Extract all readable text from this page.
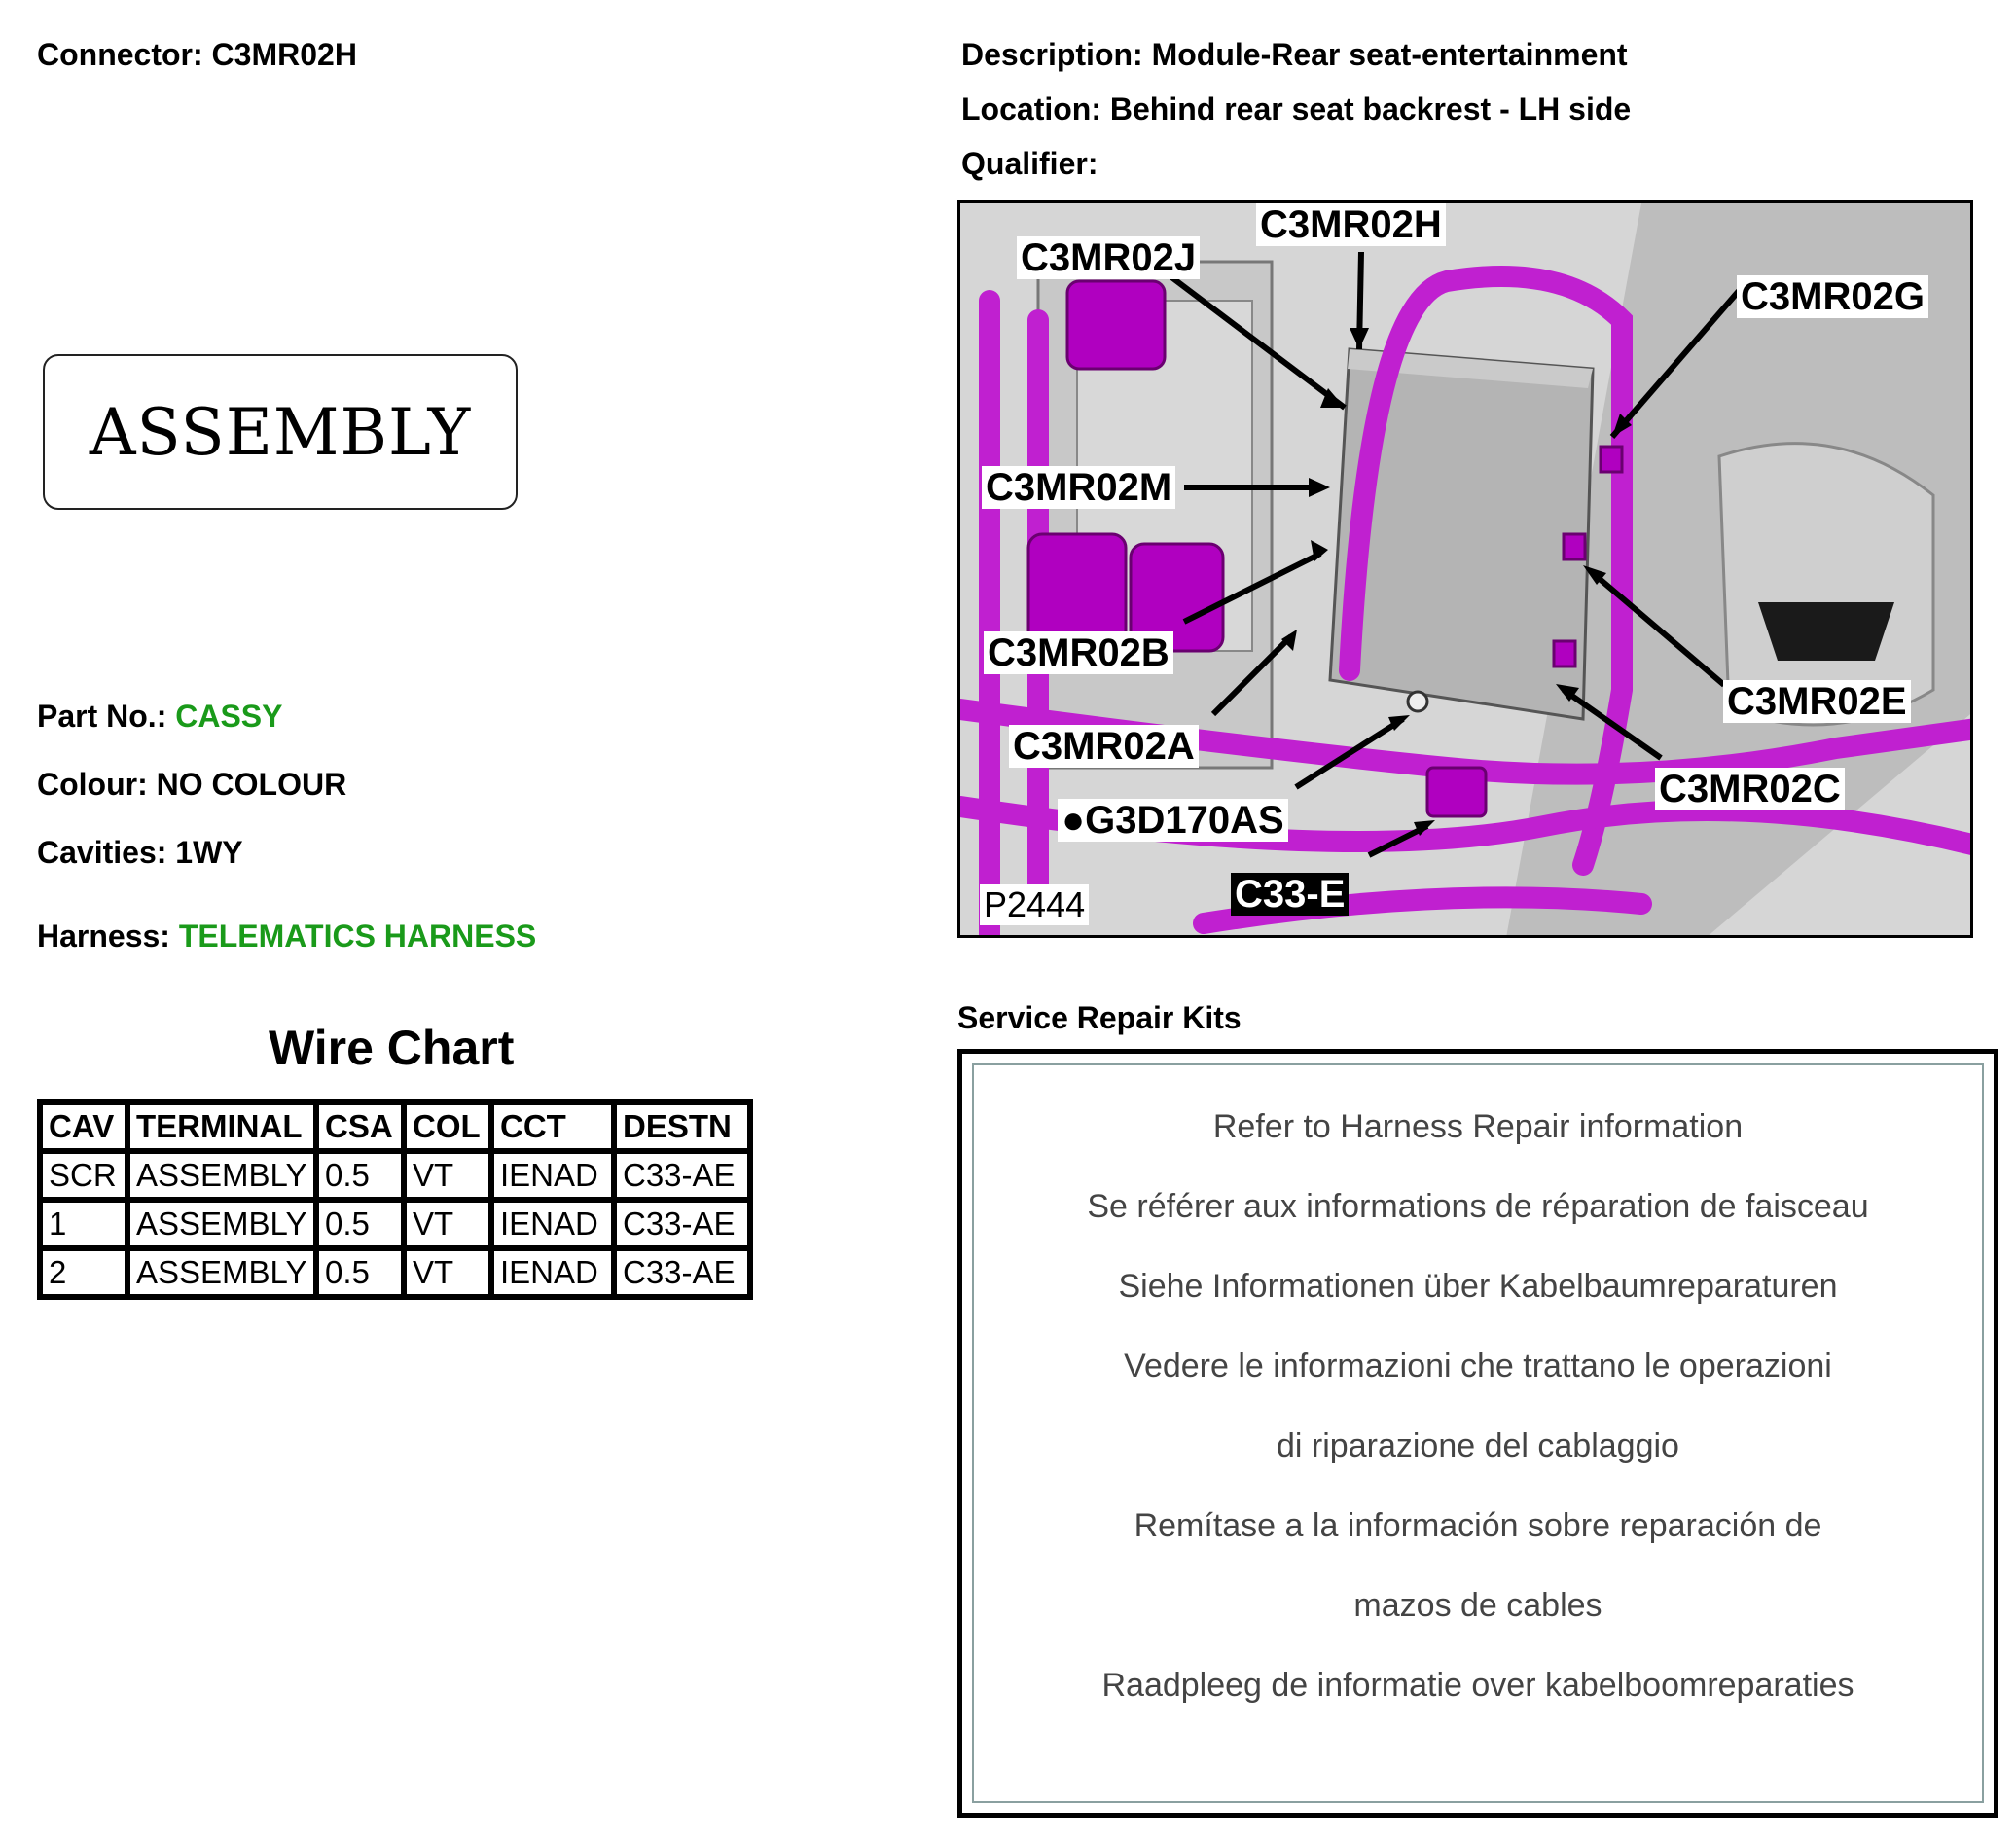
Connector: C3MR02H	Description: Module-Rear seat-entertainment
Location: Behind rear seat backrest - LH side
Qualifier:
ASSEMBLY
Part No.: CASSY
Colour: NO COLOUR
Cavities: 1WY
Harness: TELEMATICS HARNESS
Wire Chart
CAV	TERMINAL	CSA	COL	CCT	DESTN
SCR	ASSEMBLY	0.5	VT	IENAD	C33-AE
1	ASSEMBLY	0.5	VT	IENAD	C33-AE
2	ASSEMBLY	0.5	VT	IENAD	C33-AE
C3MR02H
C3MR02J
C3MR02G
C3MR02M
C3MR02B
C3MR02E
C3MR02A
C3MR02C
●G3D170AS
C33-E
P2444
Service Repair Kits
Refer to Harness Repair information
Se référer aux informations de réparation de faisceau
Siehe Informationen über Kabelbaumreparaturen
Vedere le informazioni che trattano le operazioni
di riparazione del cablaggio
Remítase a la información sobre reparación de
mazos de cables
Raadpleeg de informatie over kabelboomreparaties
